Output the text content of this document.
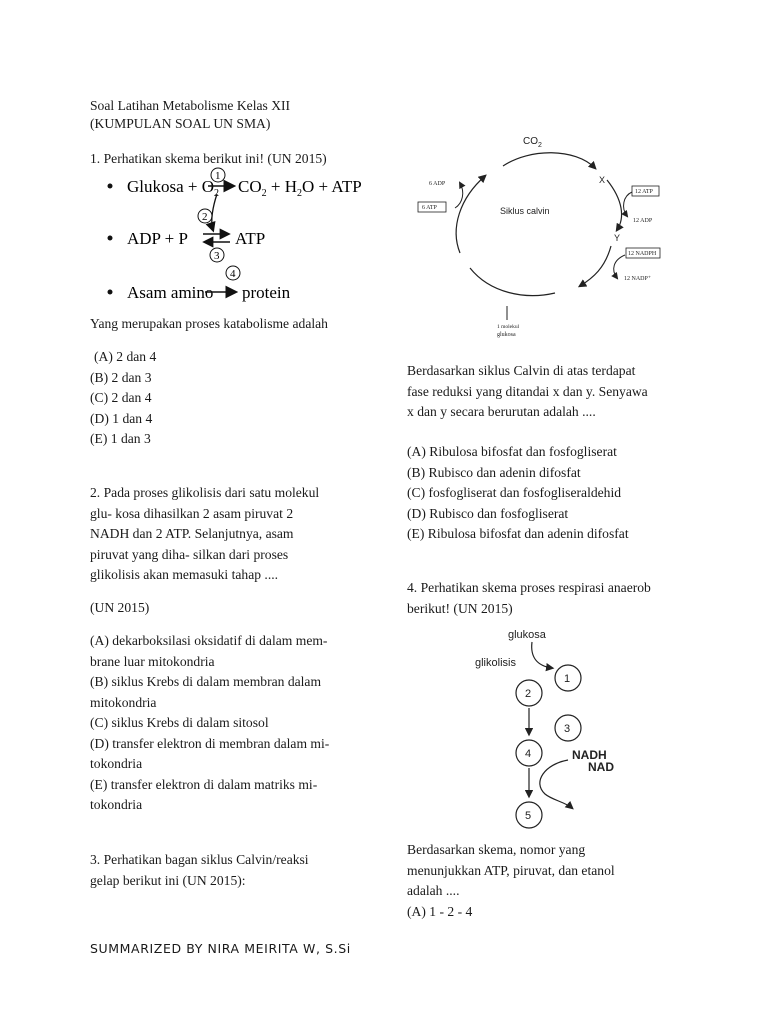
Soal Latihan Metabolisme Kelas XII
(KUMPULAN SOAL UN SMA)
1. Perhatikan skema berikut ini! (UN 2015)
Glukosa + $O_2$ $CO_2 + H_2O$ + ATP
1
2
ADP + P	ATP
3
Asam amino protein
4
Yang merupakan proses katabolisme adalah
(A) 2 dan 4
(B) 2 dan 3
(C) 2 dan 4
(D) 1 dan 4
(E) 1 dan 3
2. Pada proses glikolisis dari satu molekul
glu- kosa dihasilkan 2 asam piruvat 2
NADH dan 2 ATP. Selanjutnya, asam
piruvat yang diha- silkan dari proses
glikolisis akan memasuki tahap ....
(UN 2015)
(A) dekarboksilasi oksidatif di dalam mem-
brane luar mitokondria
(B) siklus Krebs di dalam membran dalam
mitokondria
(C) siklus Krebs di dalam sitosol
(D) transfer elektron di membran dalam mi-
tokondria
(E) transfer elektron di dalam matriks mi-
tokondria
3. Perhatikan bagan siklus Calvin/reaksi
gelap berikut ini (UN 2015):
$CO_2$
Siklus calvin
X
Y
6 ADP
6 ATP
12 ATP
12 ADP
12 NADPH
12 NADP⁺
1 molekul
glukosa
Berdasarkan siklus Calvin di atas terdapat
fase reduksi yang ditandai x dan y. Senyawa
x dan y secara berurutan adalah ....
(A) Ribulosa bifosfat dan fosfogliserat
(B) Rubisco dan adenin difosfat
(C) fosfogliserat dan fosfogliseraldehid
(D) Rubisco dan fosfogliserat
(E) Ribulosa bifosfat dan adenin difosfat
4. Perhatikan skema proses respirasi anaerob
berikut! (UN 2015)
glukosa
glikolisis
1
2
3
4	NADH
NAD
5
Berdasarkan skema, nomor yang
menunjukkan ATP, piruvat, dan etanol
adalah ....
(A) 1 - 2 - 4
SUMMARIZED BY NIRA MEIRITA W, S.Si
